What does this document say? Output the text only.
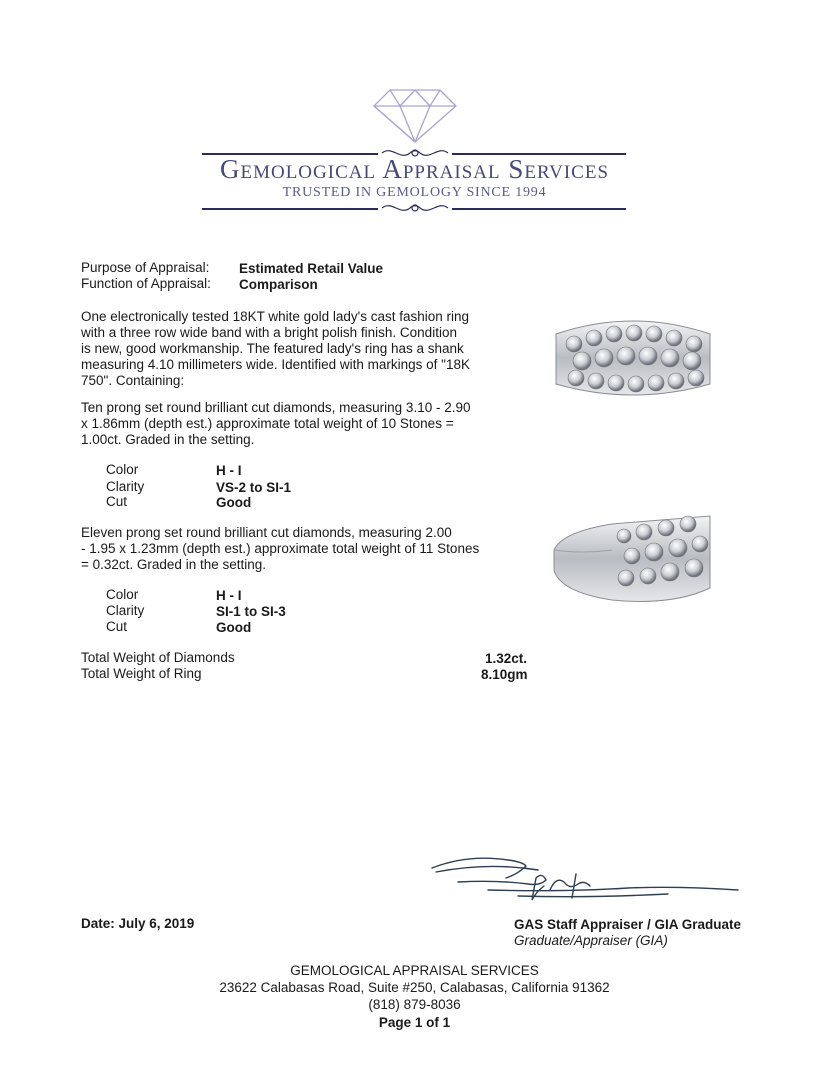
Gemological Appraisal Services
TRUSTED IN GEMOLOGY SINCE 1994
Purpose of Appraisal: Estimated Retail Value
Function of Appraisal: Comparison
One electronically tested 18KT white gold lady's cast fashion ring
with a three row wide band with a bright polish finish. Condition
is new, good workmanship. The featured lady's ring has a shank
measuring 4.10 millimeters wide. Identified with markings of "18K
750". Containing:
Ten prong set round brilliant cut diamonds, measuring 3.10 - 2.90
x 1.86mm (depth est.) approximate total weight of 10 Stones =
1.00ct. Graded in the setting.
Color	H - I
Clarity	VS-2 to SI-1
Cut	Good
Eleven prong set round brilliant cut diamonds, measuring 2.00
- 1.95 x 1.23mm (depth est.) approximate total weight of 11 Stones
= 0.32ct. Graded in the setting.
Color	H - I
Clarity	SI-1 to SI-3
Cut	Good
Total Weight of Diamonds	1.32ct.
Total Weight of Ring	8.10gm
Date: July 6, 2019	GAS Staff Appraiser / GIA Graduate
Graduate/Appraiser (GIA)
GEMOLOGICAL APPRAISAL SERVICES
23622 Calabasas Road, Suite #250, Calabasas, California 91362
(818) 879-8036
Page 1 of 1
